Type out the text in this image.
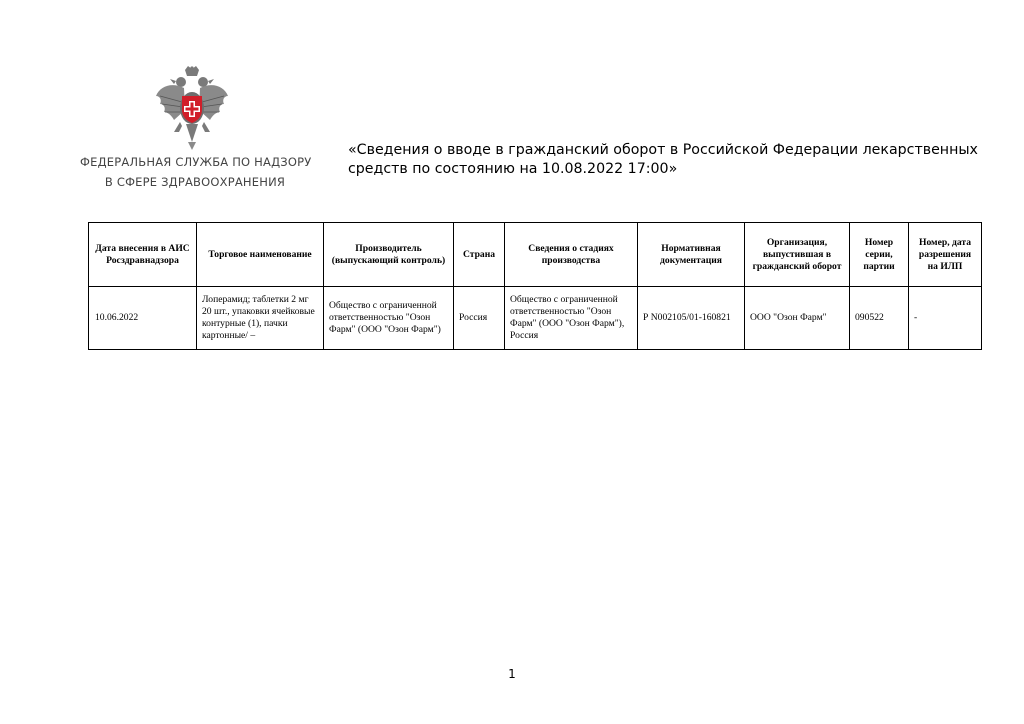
ФЕДЕРАЛЬНАЯ СЛУЖБА ПО НАДЗОРУ
В СФЕРЕ ЗДРАВООХРАНЕНИЯ
«Сведения о вводе в гражданский оборот в Российской Федерации лекарственных
средств по состоянию на 10.08.2022 17:00»
Дата внесения в АИС Росздравнадзора	Торговое наименование	Производитель (выпускающий контроль)	Страна	Сведения о стадиях производства	Нормативная документация	Организация, выпустившая в гражданский оборот	Номер серии, партии	Номер, дата разрешения на ИЛП
10.06.2022	Лоперамид; таблетки 2 мг 20 шт., упаковки ячейковые контурные (1), пачки картонные/ –	Общество с ограниченной ответственностью "Озон Фарм" (ООО "Озон Фарм")	Россия	Общество с ограниченной ответственностью "Озон Фарм" (ООО "Озон Фарм"), Россия	Р N002105/01-160821	ООО "Озон Фарм"	090522	-
1
